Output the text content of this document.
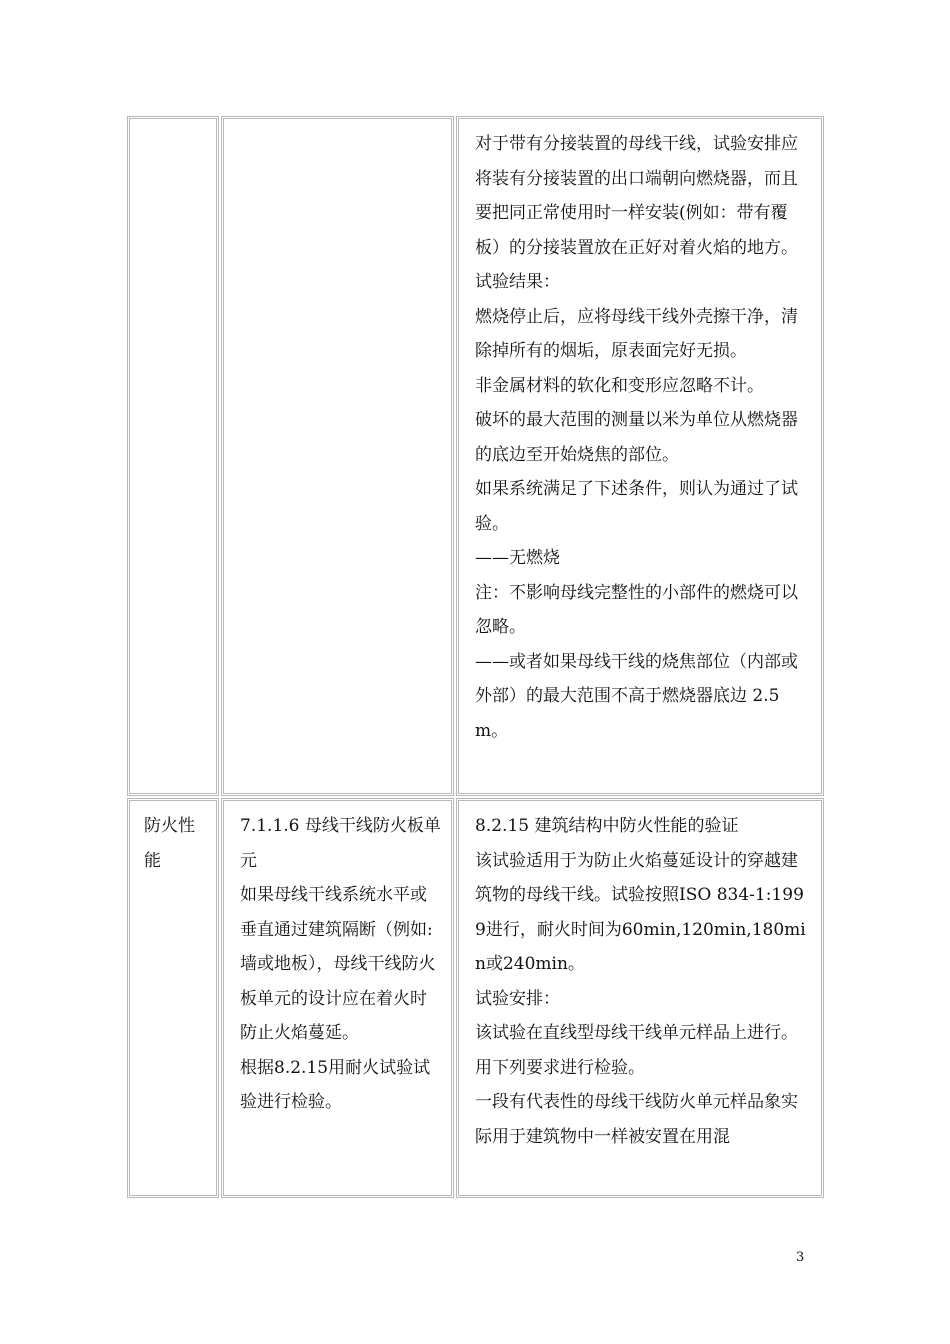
对于带有分接装置的母线干线，试验安排应将装有分接装置的出口端朝向燃烧器，而且要把同正常使用时一样安装(例如：带有覆板）的分接装置放在正好对着火焰的地方。

试验结果：

燃烧停止后，应将母线干线外壳擦干净，清除掉所有的烟垢，原表面完好无损。

非金属材料的软化和变形应忽略不计。

破坏的最大范围的测量以米为单位从燃烧器的底边至开始烧焦的部位。

如果系统满足了下述条件，则认为通过了试验。

——无燃烧

注：不影响母线完整性的小部件的燃烧可以忽略。

——或者如果母线干线的烧焦部位（内部或外部）的最大范围不高于燃烧器底边 2.5m。

防火性能

7.1.1.6 母线干线防火板单元

如果母线干线系统水平或垂直通过建筑隔断（例如:墙或地板），母线干线防火板单元的设计应在着火时防止火焰蔓延。

根据8.2.15用耐火试验试验进行检验。

8.2.15 建筑结构中防火性能的验证

该试验适用于为防止火焰蔓延设计的穿越建筑物的母线干线。试验按照ISO 834-1:1999进行，耐火时间为60min,120min,180min或240min。

试验安排：

该试验在直线型母线干线单元样品上进行。

用下列要求进行检验。

一段有代表性的母线干线防火单元样品象实际用于建筑物中一样被安置在用混

3
